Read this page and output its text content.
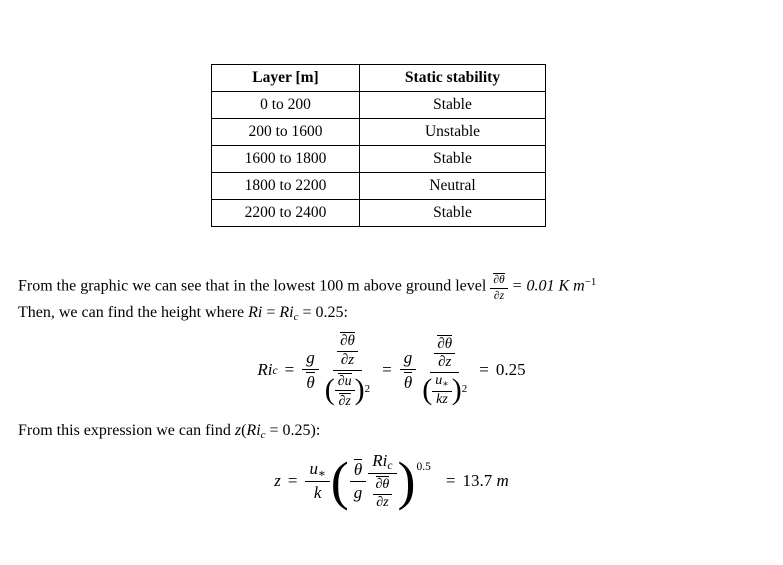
Layer [m]	Static stability
0 to 200	Stable
200 to 1600	Unstable
1600 to 1800	Stable
1800 to 2200	Neutral
2200 to 2400	Stable
From the graphic we can see that in the lowest 100 m above ground level $\frac{\partial\theta}{\partial z} = 0.01$ K $m^{-1}$
Then, we can find the height where $Ri = Ri_c = 0.25$:
Ri $c = \frac{g}{\theta} \frac{\partial\theta}{\partial z}$
( $\frac{\partial u}{\partial z}$ ) 2
= $\frac{g}{\theta} \frac{\partial\theta}{\partial z}$
( $\frac{u_∗}{kz}$ ) 2
= 0.25
From this expression we can find $z(Ri_c = 0.25)$:
$z = \frac{u_∗}{k}$ ( $\frac{\theta}{g} \frac{Ri_c}{\frac{\partial\theta}{\partial z}}$ ) 0.5
= 13.7
m
